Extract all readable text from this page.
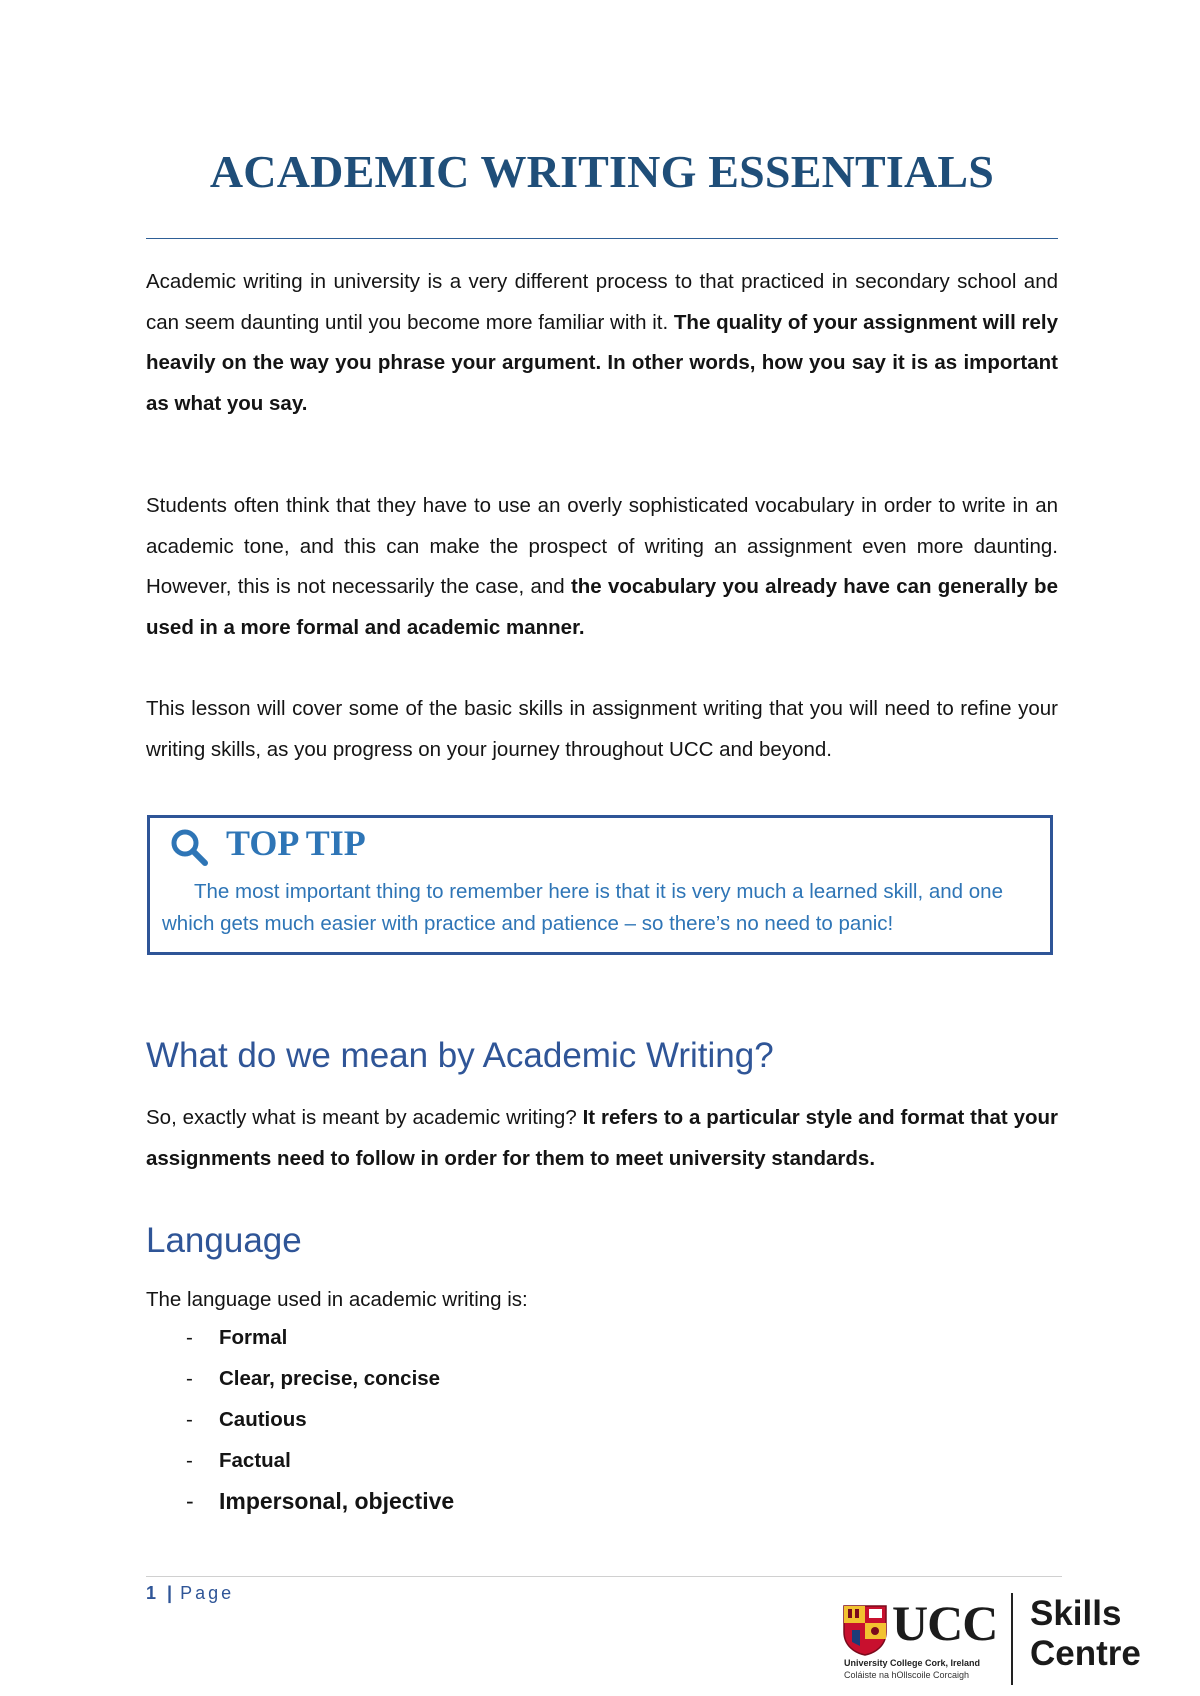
ACADEMIC WRITING ESSENTIALS

Academic writing in university is a very different process to that practiced in secondary school and can seem daunting until you become more familiar with it. The quality of your assignment will rely heavily on the way you phrase your argument. In other words, how you say it is as important as what you say.

Students often think that they have to use an overly sophisticated vocabulary in order to write in an academic tone, and this can make the prospect of writing an assignment even more daunting. However, this is not necessarily the case, and the vocabulary you already have can generally be used in a more formal and academic manner.

This lesson will cover some of the basic skills in assignment writing that you will need to refine your writing skills, as you progress on your journey throughout UCC and beyond.

TOP TIP

The most important thing to remember here is that it is very much a learned skill, and one which gets much easier with practice and patience – so there’s no need to panic!

What do we mean by Academic Writing?

So, exactly what is meant by academic writing? It refers to a particular style and format that your assignments need to follow in order for them to meet university standards.

Language

The language used in academic writing is:

- Formal
- Clear, precise, concise
- Cautious
- Factual
- Impersonal, objective

1 | Page

UCC

University College Cork, Ireland

Coláiste na hOllscoile Corcaigh

Skills
Centre
